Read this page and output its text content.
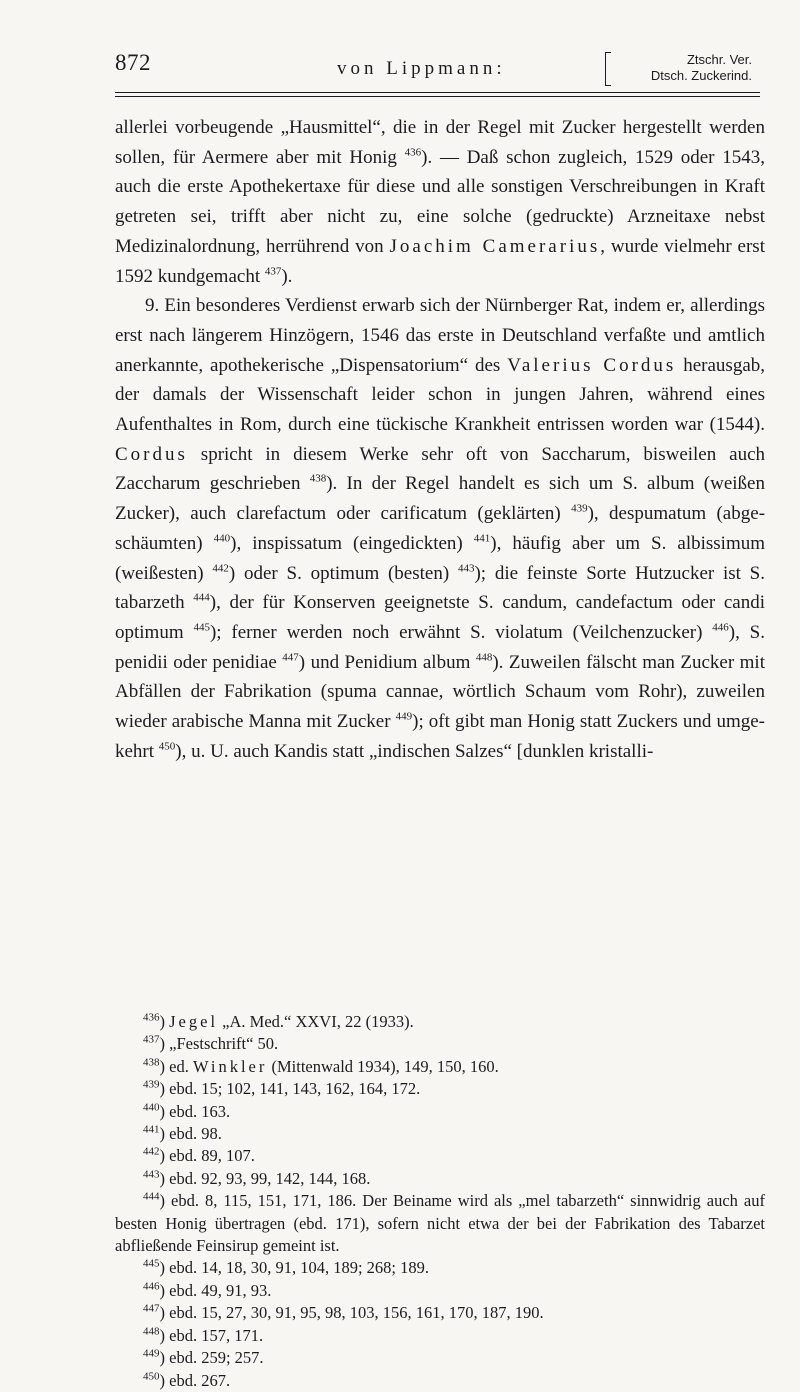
872	von Lippmann:	Ztschr. Ver.
Dtsch. Zuckerind.

allerlei vorbeugende „Hausmittel“, die in der Regel mit Zucker hergestellt werden sollen, für Aermere aber mit Honig $^{436}$). — Daß schon zugleich, 1529 oder 1543, auch die erste Apothekertaxe für diese und alle sonstigen Verschreibungen in Kraft getreten sei, trifft aber nicht zu, eine solche (gedruckte) Arzneitaxe nebst Medizinalordnung, herrührend von Joachim Camerarius, wurde vielmehr erst 1592 kundgemacht $^{437}$).

9. Ein besonderes Verdienst erwarb sich der Nürnberger Rat, indem er, allerdings erst nach längerem Hinzögern, 1546 das erste in Deutschland verfaßte und amtlich anerkannte, apothekerische „Dispensatorium“ des Valerius Cordus herausgab, der damals der Wissenschaft leider schon in jungen Jahren, während eines Aufenthaltes in Rom, durch eine tückische Krankheit entrissen worden war (1544). Cordus spricht in diesem Werke sehr oft von Saccharum, bisweilen auch Zaccharum geschrieben $^{438}$). In der Regel handelt es sich um S. album (weißen Zucker), auch clarefactum oder carificatum (geklärten) $^{439}$), despumatum (abgeschäumten) $^{440}$), inspissatum (eingedickten) $^{441}$), häufig aber um S. albissimum (weißesten) $^{442}$) oder S. optimum (besten) $^{443}$); die feinste Sorte Hutzucker ist S. tabarzeth $^{444}$), der für Konserven geeignetste S. candum, candefactum oder candi optimum $^{445}$); ferner werden noch erwähnt S. violatum (Veilchenzucker) $^{446}$), S. penidii oder penidiae $^{447}$) und Penidium album $^{448}$). Zuweilen fälscht man Zucker mit Abfällen der Fabrikation (spuma cannae, wörtlich Schaum vom Rohr), zuweilen wieder arabische Manna mit Zucker $^{449}$); oft gibt man Honig statt Zuckers und umgekehrt $^{450}$), u. U. auch Kandis statt „indischen Salzes“ [dunklen kristalli-

$^{436}$) Jegel „A. Med.“ XXVI, 22 (1933).

$^{437}$) „Festschrift“ 50.

$^{438}$) ed. Winkler (Mittenwald 1934), 149, 150, 160.

$^{439}$) ebd. 15; 102, 141, 143, 162, 164, 172.

$^{440}$) ebd. 163.

$^{441}$) ebd. 98.

$^{442}$) ebd. 89, 107.

$^{443}$) ebd. 92, 93, 99, 142, 144, 168.

$^{444}$) ebd. 8, 115, 151, 171, 186. Der Beiname wird als „mel tabarzeth“ sinnwidrig auch auf besten Honig übertragen (ebd. 171), sofern nicht etwa der bei der Fabrikation des Tabarzet abfließende Feinsirup gemeint ist.

$^{445}$) ebd. 14, 18, 30, 91, 104, 189; 268; 189.

$^{446}$) ebd. 49, 91, 93.

$^{447}$) ebd. 15, 27, 30, 91, 95, 98, 103, 156, 161, 170, 187, 190.

$^{448}$) ebd. 157, 171.

$^{449}$) ebd. 259; 257.

$^{450}$) ebd. 267.
